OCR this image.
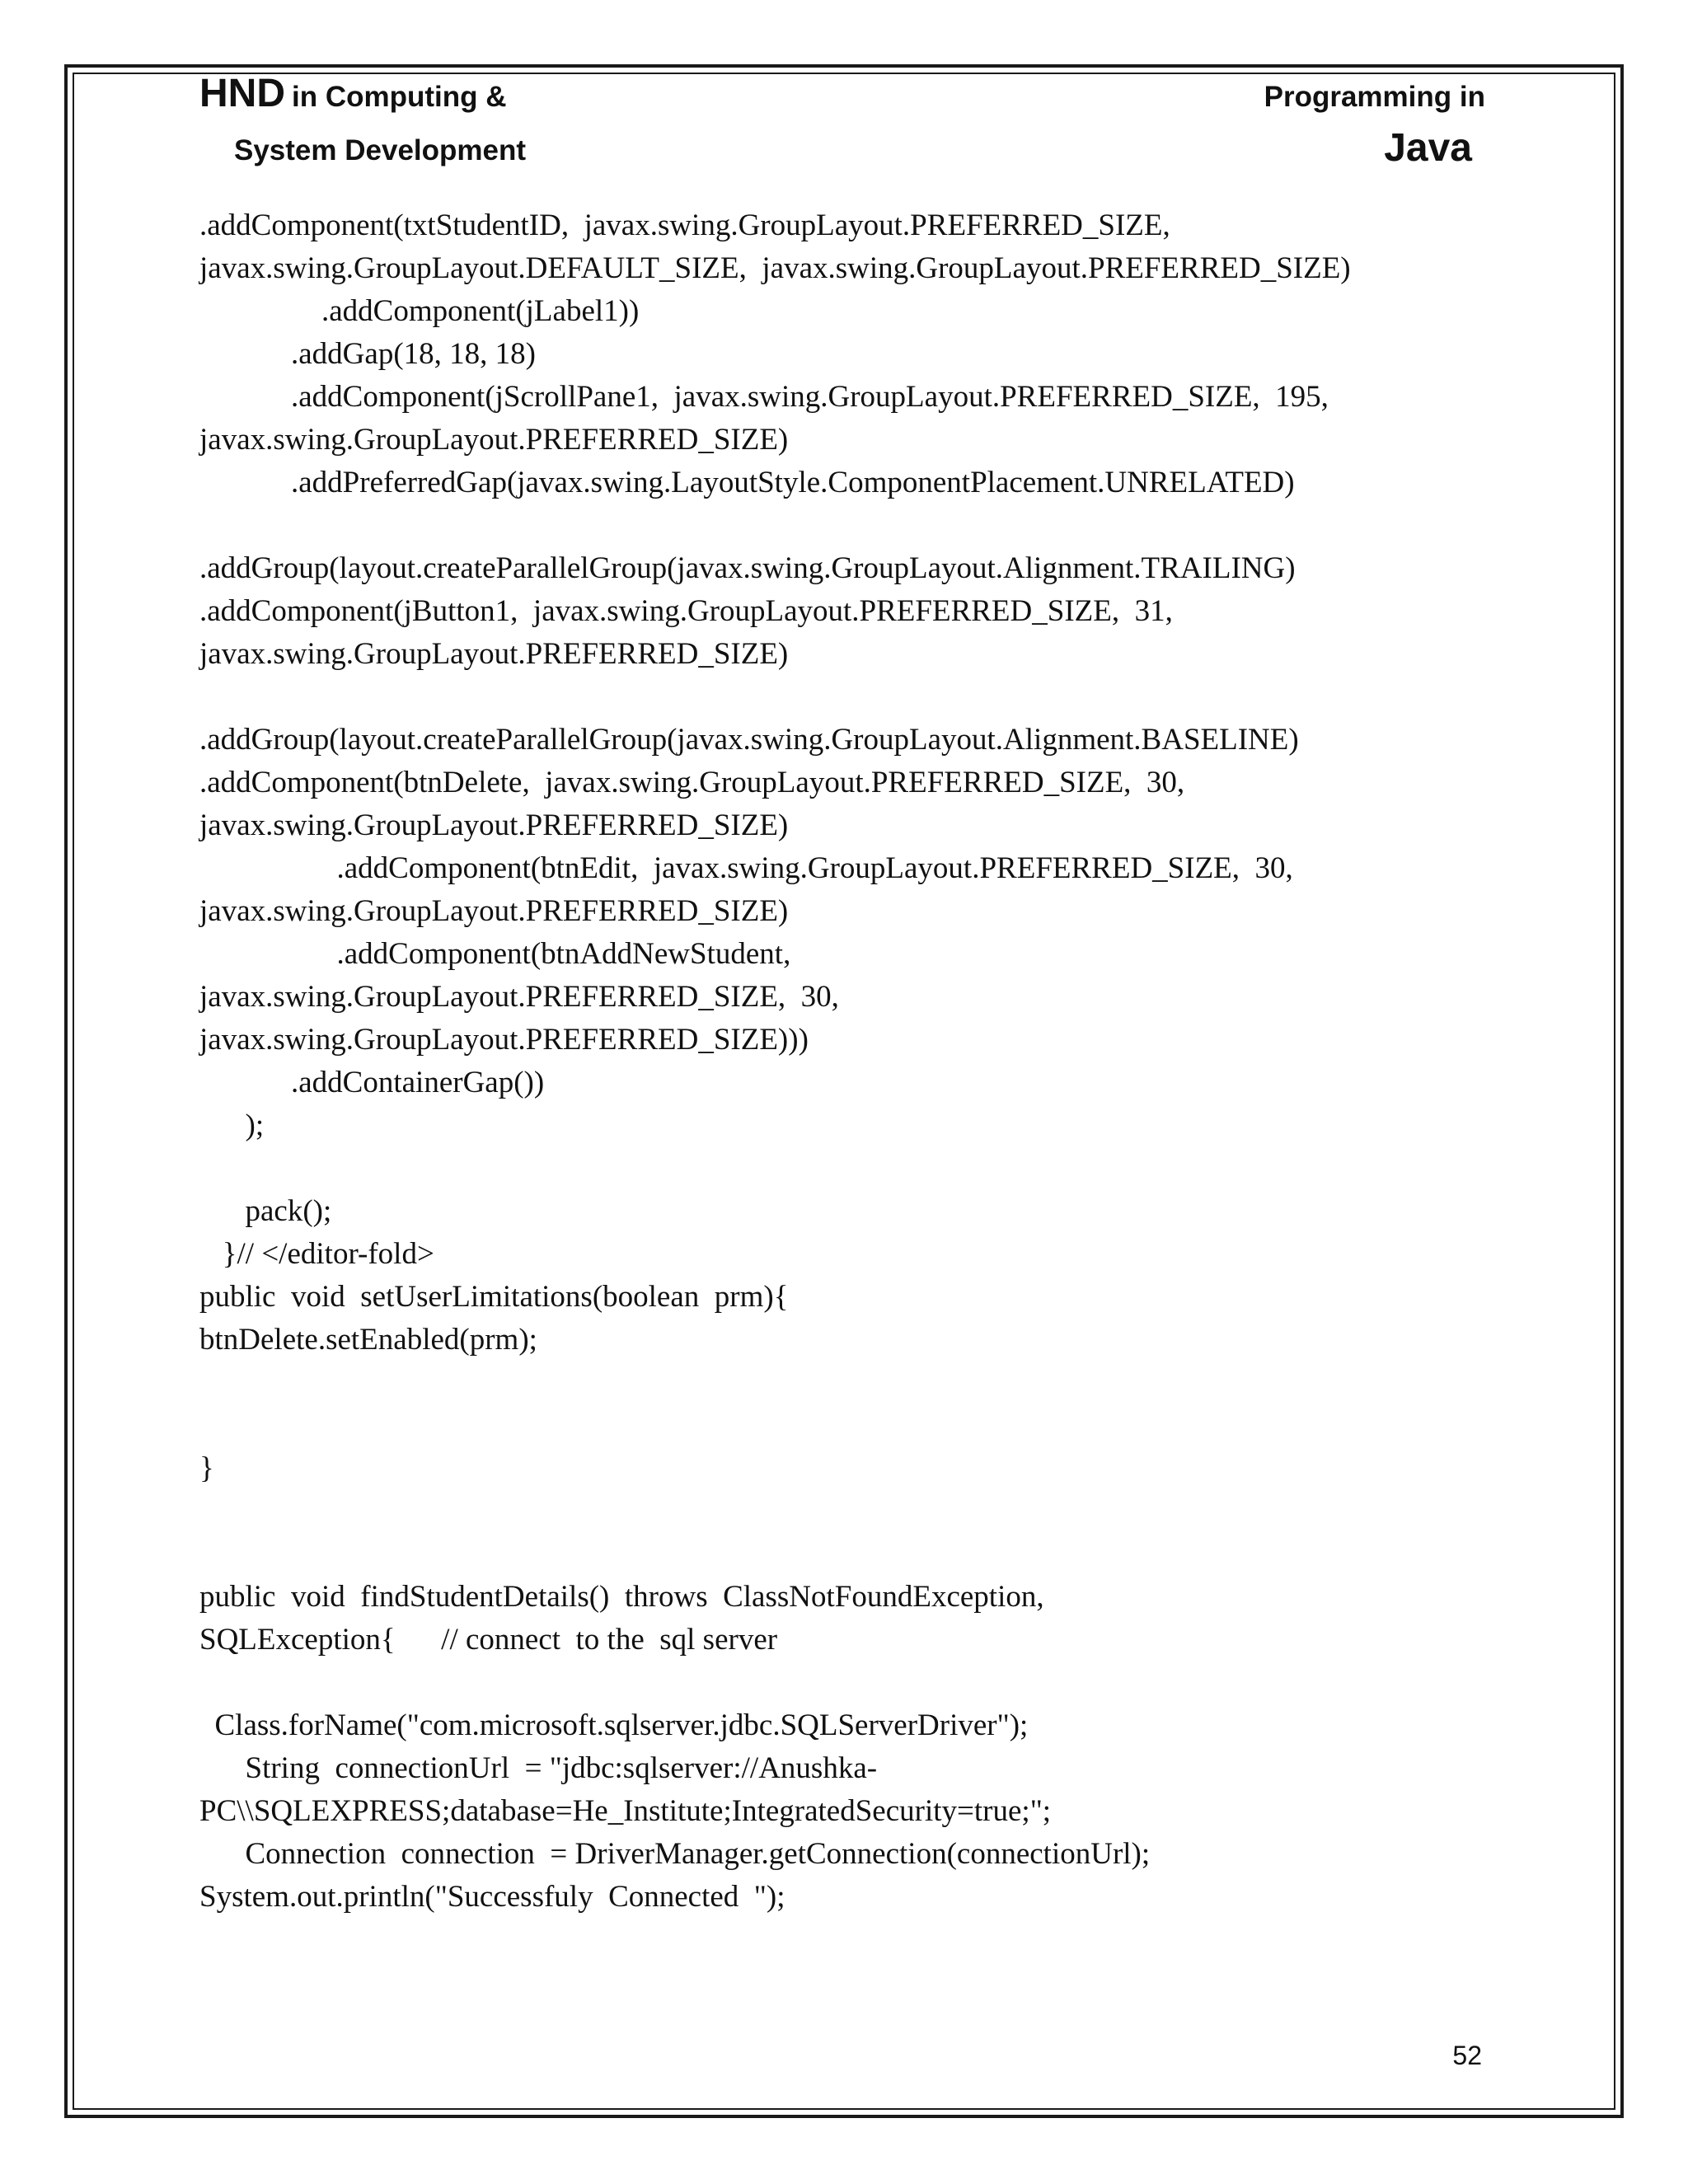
HND in Computing &
System Development
Programming in
Java
.addComponent(txtStudentID,  javax.swing.GroupLayout.PREFERRED_SIZE,
javax.swing.GroupLayout.DEFAULT_SIZE,  javax.swing.GroupLayout.PREFERRED_SIZE)
.addComponent(jLabel1))
.addGap(18, 18, 18)
.addComponent(jScrollPane1,  javax.swing.GroupLayout.PREFERRED_SIZE,  195,
javax.swing.GroupLayout.PREFERRED_SIZE)
.addPreferredGap(javax.swing.LayoutStyle.ComponentPlacement.UNRELATED)
.addGroup(layout.createParallelGroup(javax.swing.GroupLayout.Alignment.TRAILING)
.addComponent(jButton1,  javax.swing.GroupLayout.PREFERRED_SIZE,  31,
javax.swing.GroupLayout.PREFERRED_SIZE)
.addGroup(layout.createParallelGroup(javax.swing.GroupLayout.Alignment.BASELINE)
.addComponent(btnDelete,  javax.swing.GroupLayout.PREFERRED_SIZE,  30,
javax.swing.GroupLayout.PREFERRED_SIZE)
.addComponent(btnEdit,  javax.swing.GroupLayout.PREFERRED_SIZE,  30,
javax.swing.GroupLayout.PREFERRED_SIZE)
.addComponent(btnAddNewStudent,
javax.swing.GroupLayout.PREFERRED_SIZE,  30,
javax.swing.GroupLayout.PREFERRED_SIZE)))
.addContainerGap())
);
pack();
}// </editor-fold>
public  void  setUserLimitations(boolean  prm){
btnDelete.setEnabled(prm);
}
public  void  findStudentDetails()  throws  ClassNotFoundException,
SQLException{      // connect  to the  sql server
Class.forName("com.microsoft.sqlserver.jdbc.SQLServerDriver");
String  connectionUrl  = "jdbc:sqlserver://Anushka-
PC\\SQLEXPRESS;database=He_Institute;IntegratedSecurity=true;";
Connection  connection  = DriverManager.getConnection(connectionUrl);
System.out.println("Successfuly  Connected  ");
52
